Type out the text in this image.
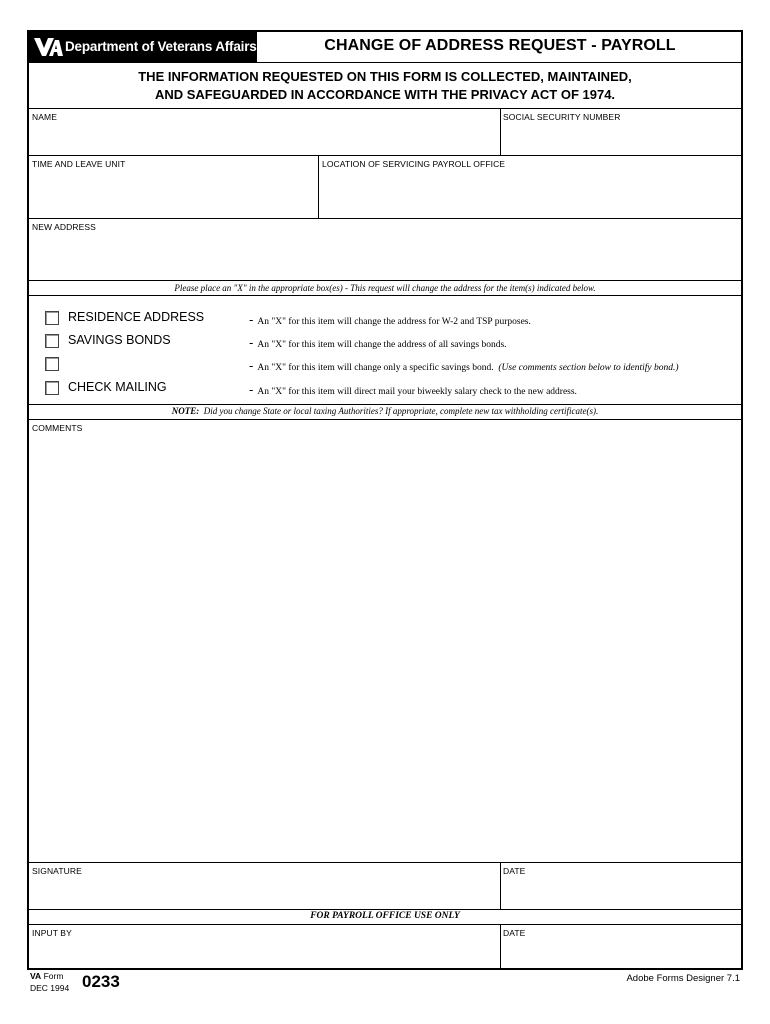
Department of Veterans Affairs	CHANGE OF ADDRESS REQUEST - PAYROLL
THE INFORMATION REQUESTED ON THIS FORM IS COLLECTED, MAINTAINED,
AND SAFEGUARDED IN ACCORDANCE WITH THE PRIVACY ACT OF 1974.
NAME	SOCIAL SECURITY NUMBER
TIME AND LEAVE UNIT	LOCATION OF SERVICING PAYROLL OFFICE
NEW ADDRESS
Please place an "X" in the appropriate box(es) - This request will change the address for the item(s) indicated below.
RESIDENCE ADDRESS	- An "X" for this item will change the address for W-2 and TSP purposes.
SAVINGS BONDS	- An "X" for this item will change the address of all savings bonds.
- An "X" for this item will change only a specific savings bond. (Use comments section below to identify bond.)
CHECK MAILING	- An "X" for this item will direct mail your biweekly salary check to the new address.
NOTE: Did you change State or local taxing Authorities? If appropriate, complete new tax withholding certificate(s).
COMMENTS
SIGNATURE	DATE
FOR PAYROLL OFFICE USE ONLY
INPUT BY	DATE
VA Form
DEC 1994 0233	Adobe Forms Designer 7.1
